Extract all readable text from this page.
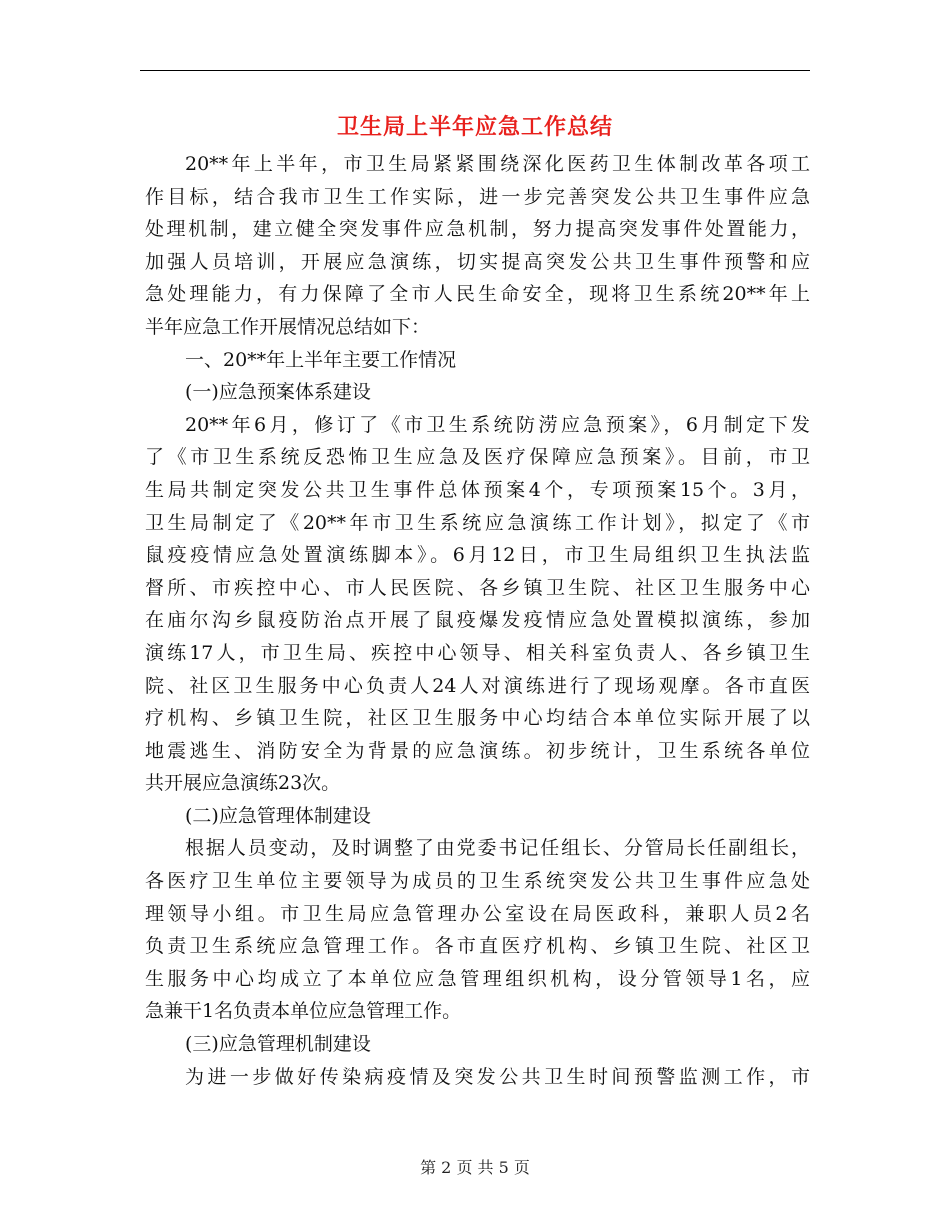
卫生局上半年应急工作总结
20**年上半年，市卫生局紧紧围绕深化医药卫生体制改革各项工
作目标，结合我市卫生工作实际，进一步完善突发公共卫生事件应急
处理机制，建立健全突发事件应急机制，努力提高突发事件处置能力，
加强人员培训，开展应急演练，切实提高突发公共卫生事件预警和应
急处理能力，有力保障了全市人民生命安全，现将卫生系统20**年上
半年应急工作开展情况总结如下：
一、20**年上半年主要工作情况
(一)应急预案体系建设
20**年6月，修订了《市卫生系统防涝应急预案》，6月制定下发
了《市卫生系统反恐怖卫生应急及医疗保障应急预案》。目前，市卫
生局共制定突发公共卫生事件总体预案4个，专项预案15个。3月，
卫生局制定了《20**年市卫生系统应急演练工作计划》，拟定了《市
鼠疫疫情应急处置演练脚本》。6月12日，市卫生局组织卫生执法监
督所、市疾控中心、市人民医院、各乡镇卫生院、社区卫生服务中心
在庙尔沟乡鼠疫防治点开展了鼠疫爆发疫情应急处置模拟演练，参加
演练17人，市卫生局、疾控中心领导、相关科室负责人、各乡镇卫生
院、社区卫生服务中心负责人24人对演练进行了现场观摩。各市直医
疗机构、乡镇卫生院，社区卫生服务中心均结合本单位实际开展了以
地震逃生、消防安全为背景的应急演练。初步统计，卫生系统各单位
共开展应急演练23次。
(二)应急管理体制建设
根据人员变动，及时调整了由党委书记任组长、分管局长任副组长，
各医疗卫生单位主要领导为成员的卫生系统突发公共卫生事件应急处
理领导小组。市卫生局应急管理办公室设在局医政科，兼职人员2名
负责卫生系统应急管理工作。各市直医疗机构、乡镇卫生院、社区卫
生服务中心均成立了本单位应急管理组织机构，设分管领导1名，应
急兼干1名负责本单位应急管理工作。
(三)应急管理机制建设
为进一步做好传染病疫情及突发公共卫生时间预警监测工作，市
第 2 页 共 5 页
